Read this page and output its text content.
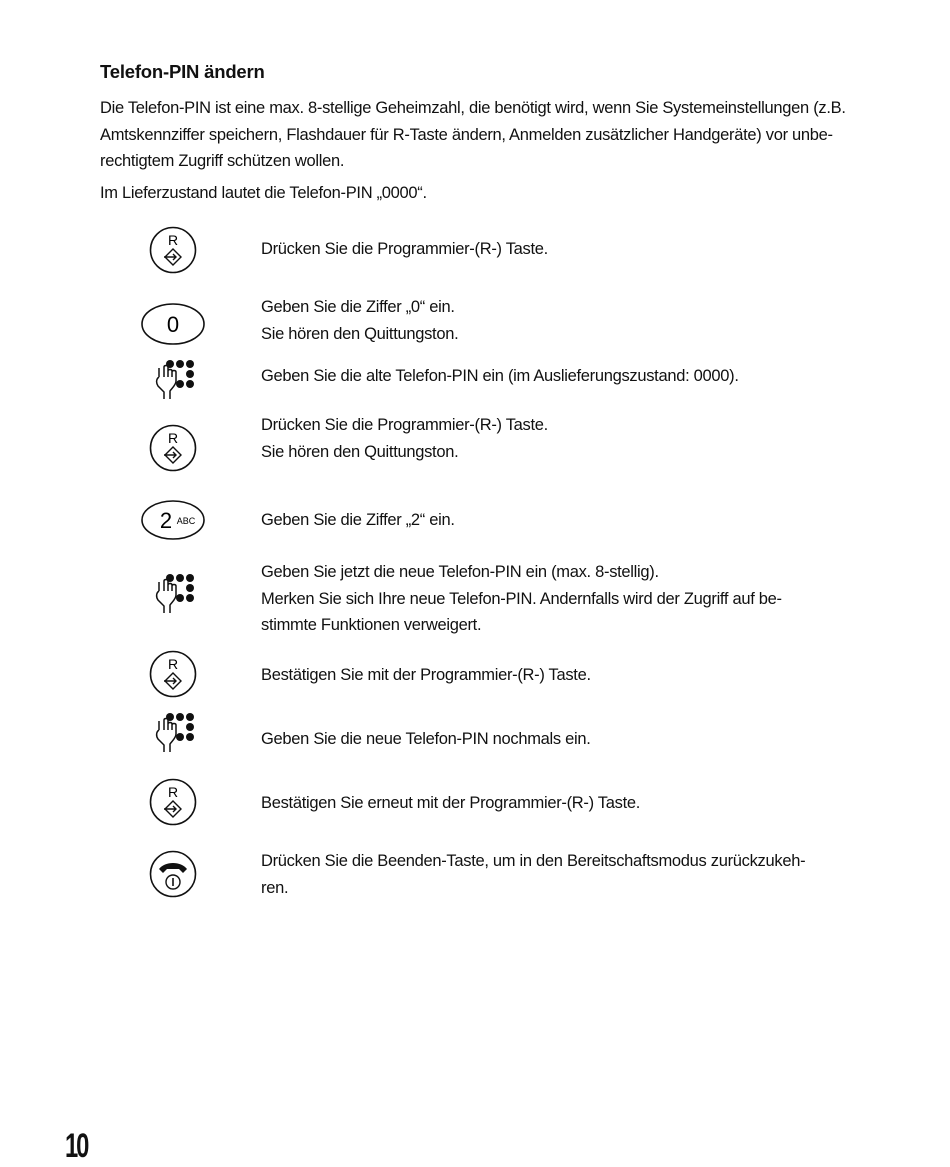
Telefon-PIN ändern
Die Telefon-PIN ist eine max. 8-stellige Geheimzahl, die benötigt wird, wenn Sie Systemeinstellungen (z.B.
Amtskennziffer speichern, Flashdauer für R-Taste ändern, Anmelden zusätzlicher Handgeräte) vor unbe-
rechtigtem Zugriff schützen wollen.
Im Lieferzustand lautet die Telefon-PIN „0000“.
R	Drücken Sie die Programmier-(R-) Taste.
0
Geben Sie die Ziffer „0“ ein.
Sie hören den Quittungston.
Geben Sie die alte Telefon-PIN ein (im Auslieferungszustand: 0000).
R
Drücken Sie die Programmier-(R-) Taste.
Sie hören den Quittungston.
2 ABC	Geben Sie die Ziffer „2“ ein.
Geben Sie jetzt die neue Telefon-PIN ein (max. 8-stellig).
Merken Sie sich Ihre neue Telefon-PIN. Andernfalls wird der Zugriff auf be-
stimmte Funktionen verweigert.
R
Bestätigen Sie mit der Programmier-(R-) Taste.
Geben Sie die neue Telefon-PIN nochmals ein.
R
Bestätigen Sie erneut mit der Programmier-(R-) Taste.
Drücken Sie die Beenden-Taste, um in den Bereitschaftsmodus zurückzukeh-
ren.
10
